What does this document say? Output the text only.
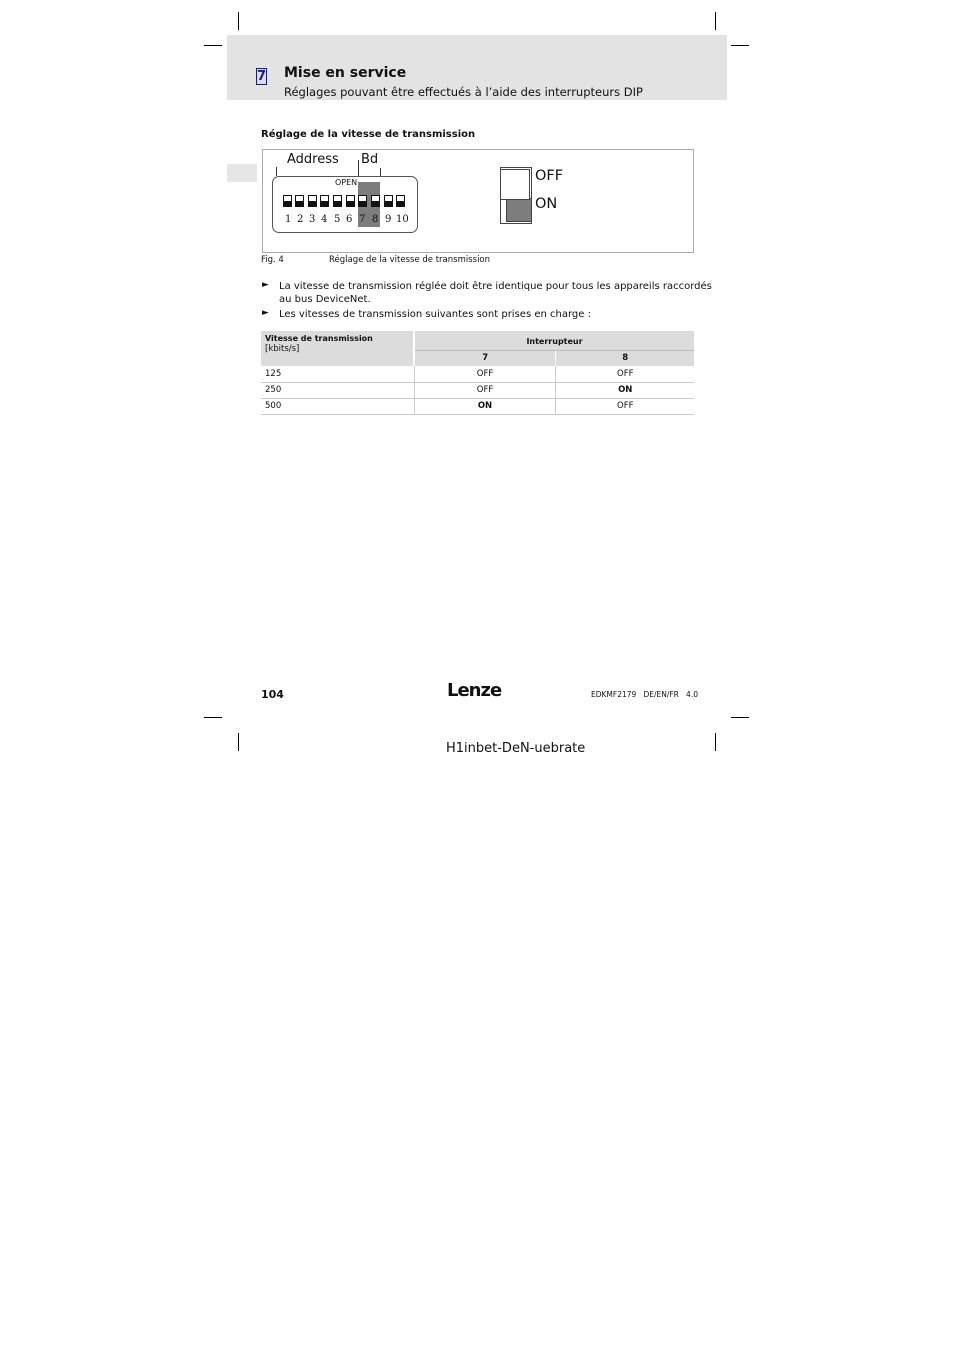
7 Mise en service
Réglages pouvant être effectués à l’aide des interrupteurs DIP
Réglage de la vitesse de transmission
Address Bd
OPEN
1 2 3 4 5 6 7 8 9 10
OFF
ON
Fig. 4	Réglage de la vitesse de transmission
► La vitesse de transmission réglée doit être identique pour tous les appareils raccordés
au bus DeviceNet.
► Les vitesses de transmission suivantes sont prises en charge :
Vitesse de transmission [kbits/s]	Interrupteur	
	7	8
125	OFF	OFF
250	OFF	ON
500	ON	OFF
104	Lenze	EDKMF2179   DE/EN/FR   4.0
H1inbet-DeN-uebrate
